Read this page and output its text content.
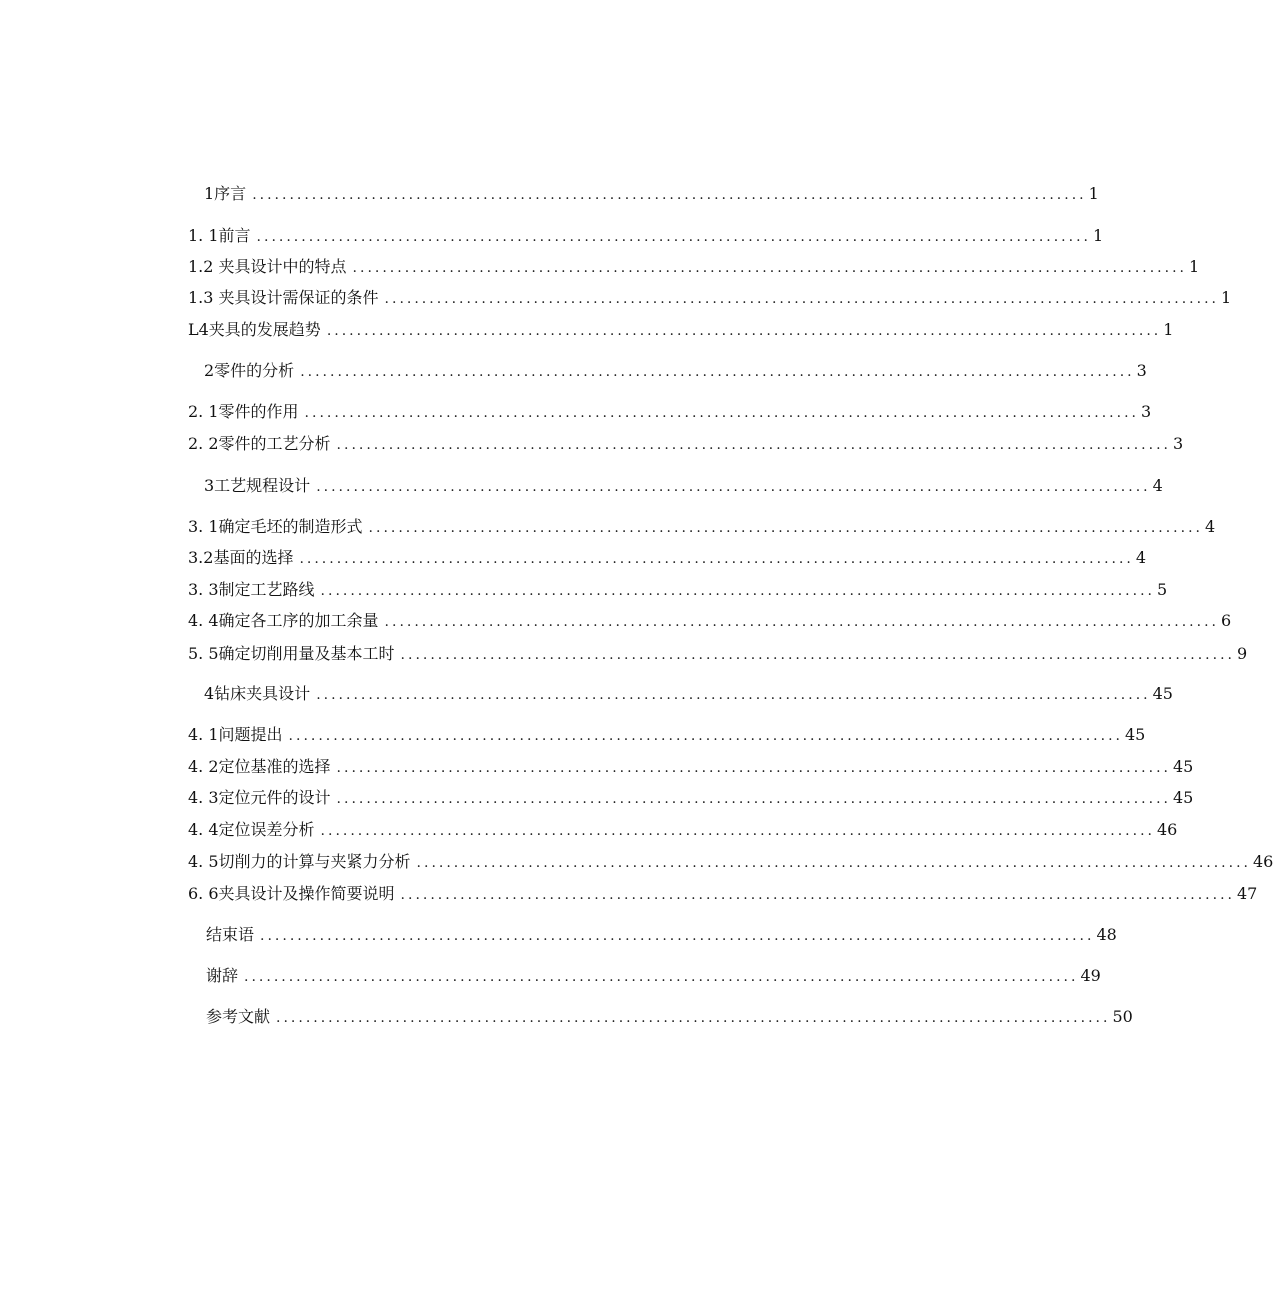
1序言 ................................................................................................................ 1
1. 1前言 ................................................................................................................ 1
1.2 夹具设计中的特点 ................................................................................................................ 1
1.3 夹具设计需保证的条件 ................................................................................................................ 1
L4夹具的发展趋势 ................................................................................................................ 1
2零件的分析 ................................................................................................................ 3
2. 1零件的作用 ................................................................................................................ 3
2. 2零件的工艺分析 ................................................................................................................ 3
3工艺规程设计 ................................................................................................................ 4
3. 1确定毛坯的制造形式 ................................................................................................................ 4
3.2基面的选择 ................................................................................................................ 4
3. 3制定工艺路线 ................................................................................................................ 5
4. 4确定各工序的加工余量 ................................................................................................................ 6
5. 5确定切削用量及基本工时 ................................................................................................................ 9
4钻床夹具设计 ................................................................................................................ 45
4. 1问题提出 ................................................................................................................ 45
4. 2定位基准的选择 ................................................................................................................ 45
4. 3定位元件的设计 ................................................................................................................ 45
4. 4定位误差分析 ................................................................................................................ 46
4. 5切削力的计算与夹紧力分析 ................................................................................................................ 46
6. 6夹具设计及操作简要说明 ................................................................................................................ 47
结束语 ................................................................................................................ 48
谢辞 ................................................................................................................ 49
参考文献 ................................................................................................................ 50
